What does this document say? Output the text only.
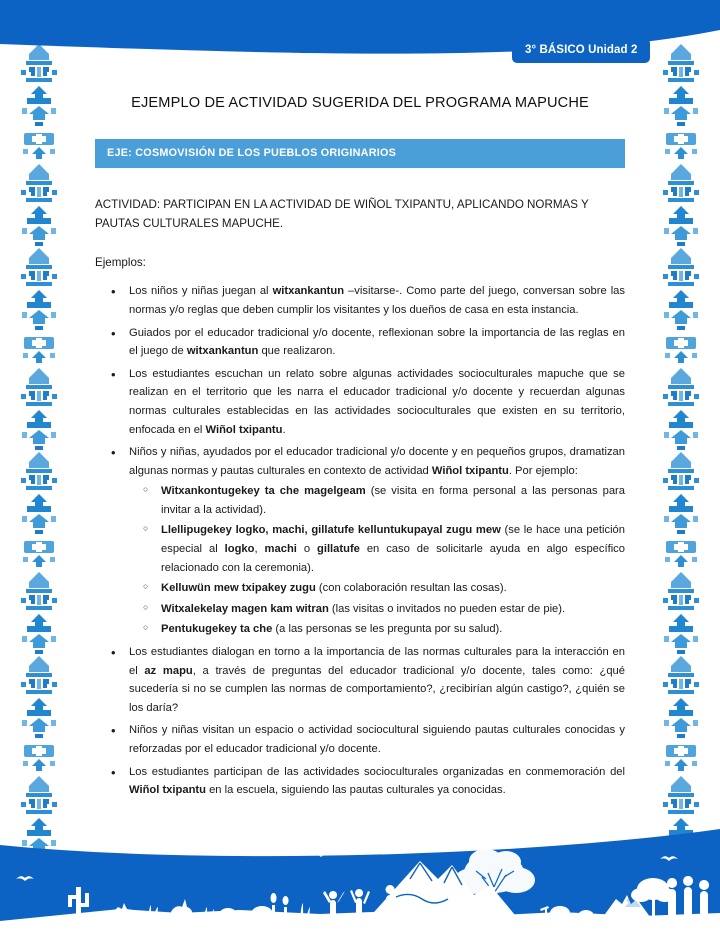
3° BÁSICO Unidad 2
EJEMPLO DE ACTIVIDAD SUGERIDA DEL PROGRAMA MAPUCHE
EJE: COSMOVISIÓN DE LOS PUEBLOS ORIGINARIOS

ACTIVIDAD: PARTICIPAN EN LA ACTIVIDAD DE WIÑOL TXIPANTU, APLICANDO NORMAS Y PAUTAS CULTURALES MAPUCHE.

Ejemplos:

• Los niños y niñas juegan al witxankantun –visitarse-. Como parte del juego, conversan sobre las normas y/o reglas que deben cumplir los visitantes y los dueños de casa en esta instancia.
• Guiados por el educador tradicional y/o docente, reflexionan sobre la importancia de las reglas en el juego de witxankantun que realizaron.
• Los estudiantes escuchan un relato sobre algunas actividades socioculturales mapuche que se realizan en el territorio que les narra el educador tradicional y/o docente y recuerdan algunas normas culturales establecidas en las actividades socioculturales que existen en su territorio, enfocada en el Wiñol txipantu.
• Niños y niñas, ayudados por el educador tradicional y/o docente y en pequeños grupos, dramatizan algunas normas y pautas culturales en contexto de actividad Wiñol txipantu. Por ejemplo:
○ Witxankontugekey ta che magelgeam (se visita en forma personal a las personas para invitar a la actividad).
○ Llellipugekey logko, machi, gillatufe kelluntukupayal zugu mew (se le hace una petición especial al logko, machi o gillatufe en caso de solicitarle ayuda en algo específico relacionado con la ceremonia).
○ Kelluwün mew txipakey zugu (con colaboración resultan las cosas).
○ Witxalekelay magen kam witran (las visitas o invitados no pueden estar de pie).
○ Pentukugekey ta che (a las personas se les pregunta por su salud).
• Los estudiantes dialogan en torno a la importancia de las normas culturales para la interacción en el az mapu, a través de preguntas del educador tradicional y/o docente, tales como: ¿qué sucedería si no se cumplen las normas de comportamiento?, ¿recibirían algún castigo?, ¿quién se los daría?
• Niños y niñas visitan un espacio o actividad sociocultural siguiendo pautas culturales conocidas y reforzadas por el educador tradicional y/o docente.
• Los estudiantes participan de las actividades socioculturales organizadas en conmemoración del Wiñol txipantu en la escuela, siguiendo las pautas culturales ya conocidas.
